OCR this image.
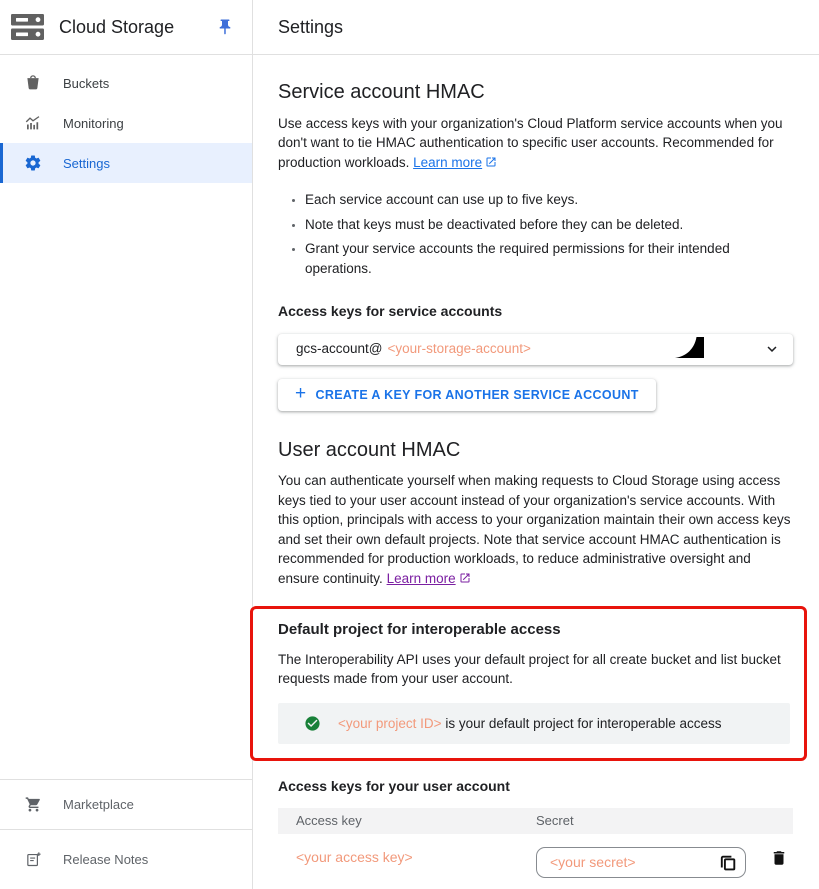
Cloud Storage
Buckets
Monitoring
Settings
Marketplace
Release Notes
Settings
Service account HMAC

Use access keys with your organization's Cloud Platform service accounts when you don't want to tie HMAC authentication to specific user accounts. Recommended for production workloads. Learn more

• Each service account can use up to five keys.
• Note that keys must be deactivated before they can be deleted.
• Grant your service accounts the required permissions for their intended operations.
Access keys for service accounts
gcs-account@ <your-storage-account>
+ CREATE A KEY FOR ANOTHER SERVICE ACCOUNT
User account HMAC

You can authenticate yourself when making requests to Cloud Storage using access keys tied to your user account instead of your organization's service accounts. With this option, principals with access to your organization maintain their own access keys and set their own default projects. Note that service account HMAC authentication is recommended for production workloads, to reduce administrative oversight and ensure continuity. Learn more

Default project for interoperable access

The Interoperability API uses your default project for all create bucket and list bucket requests made from your user account.

<your project ID> is your default project for interoperable access
Access keys for your user account
Access key	Secret
<your access key>	<your secret>
